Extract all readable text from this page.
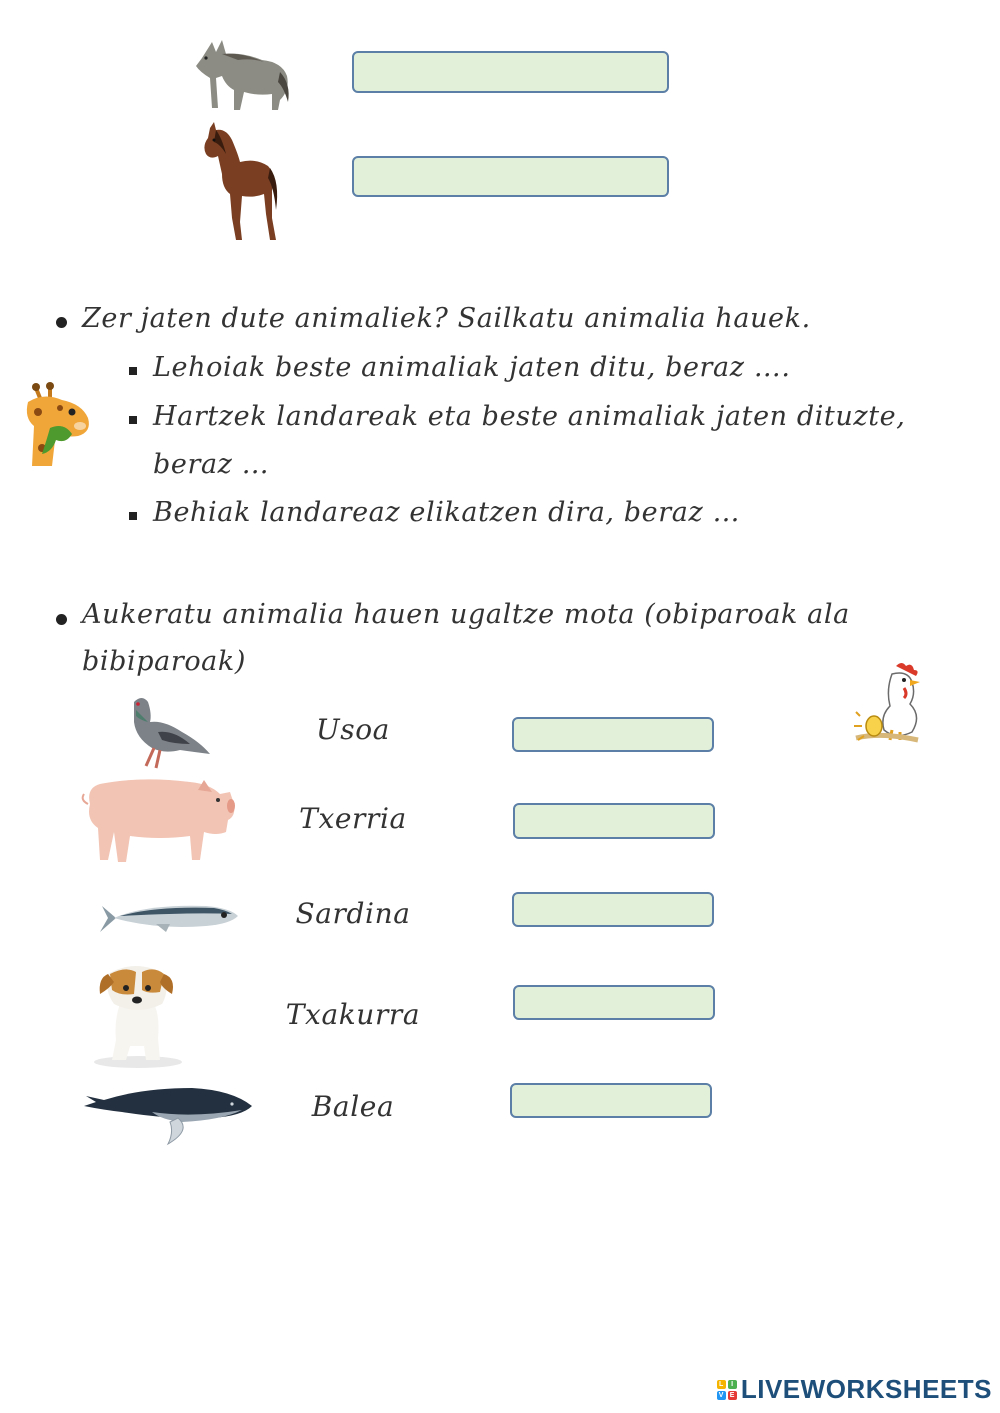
Zer jaten dute animaliek? Sailkatu animalia hauek.
Lehoiak beste animaliak jaten ditu, beraz ….
Hartzek landareak eta beste animaliak jaten dituzte,
beraz …
Behiak landareaz elikatzen dira, beraz …
Aukeratu animalia hauen ugaltze mota (obiparoak ala
bibiparoak)
Usoa
Txerria
Sardina
Txakurra
Balea
L	I
V E LIVEWORKSHEETS
